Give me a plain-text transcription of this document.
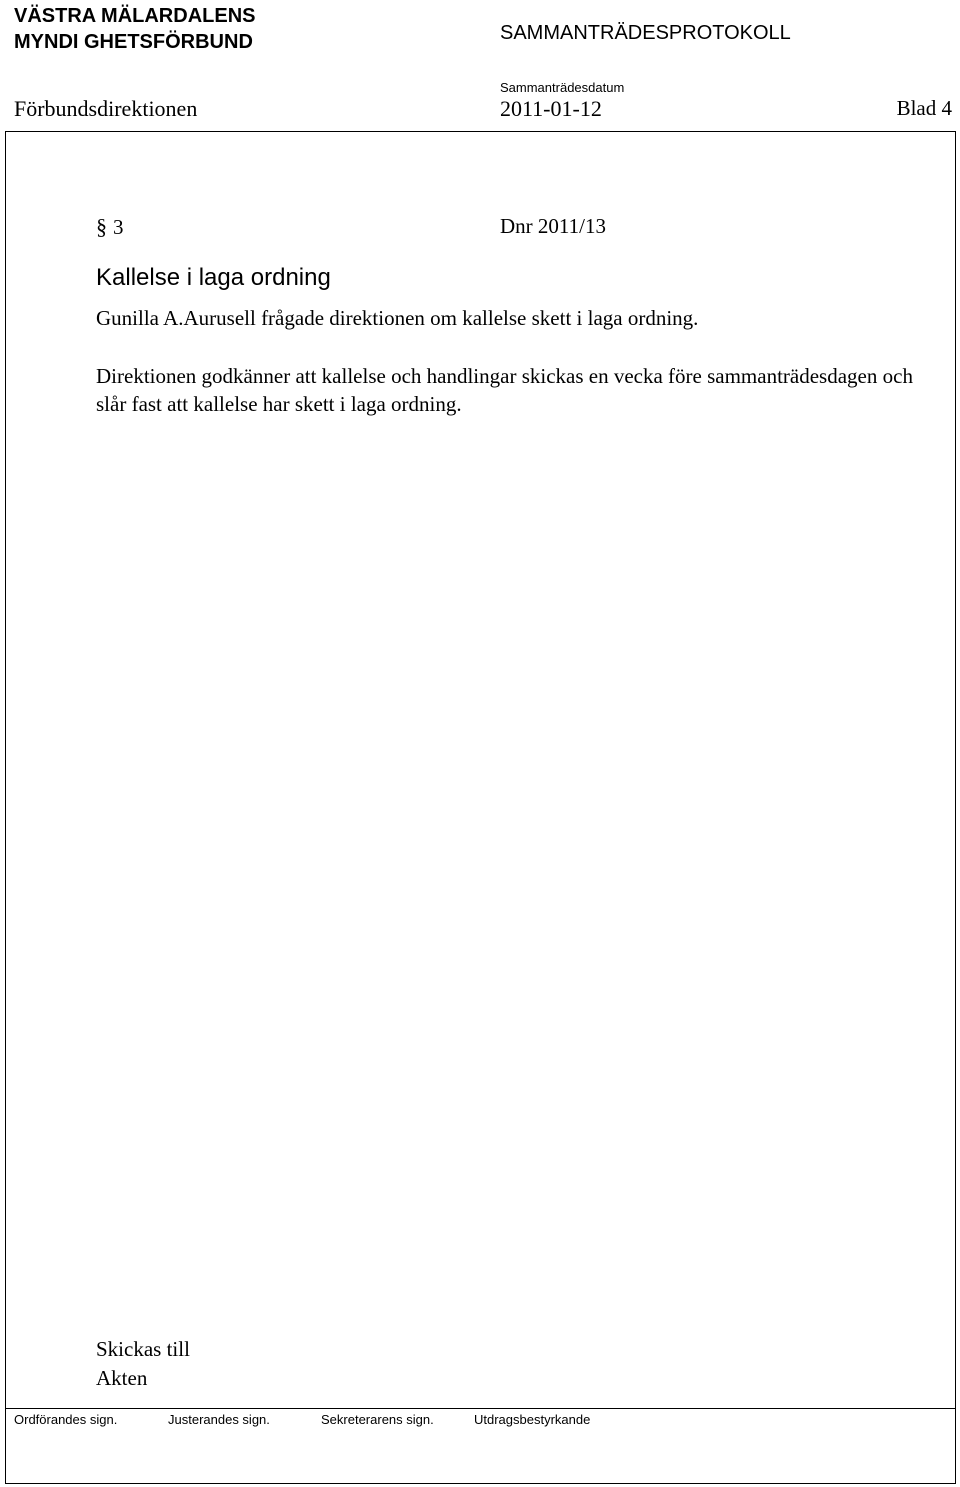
VÄSTRA MÄLARDALENS
MYNDI GHETSFÖRBUND	SAMMANTRÄDESPROTOKOLL
Sammanträdesdatum
Förbundsdirektionen	2011-01-12	Blad 4
§ 3	Dnr 2011/13
Kallelse i laga ordning
Gunilla A.Aurusell frågade direktionen om kallelse skett i laga ordning.
Direktionen godkänner att kallelse och handlingar skickas en vecka före sammanträdesdagen och slår fast att kallelse har skett i laga ordning.
Skickas till
Akten
Ordförandes sign.	Justerandes sign.	Sekreterarens sign.	Utdragsbestyrkande
